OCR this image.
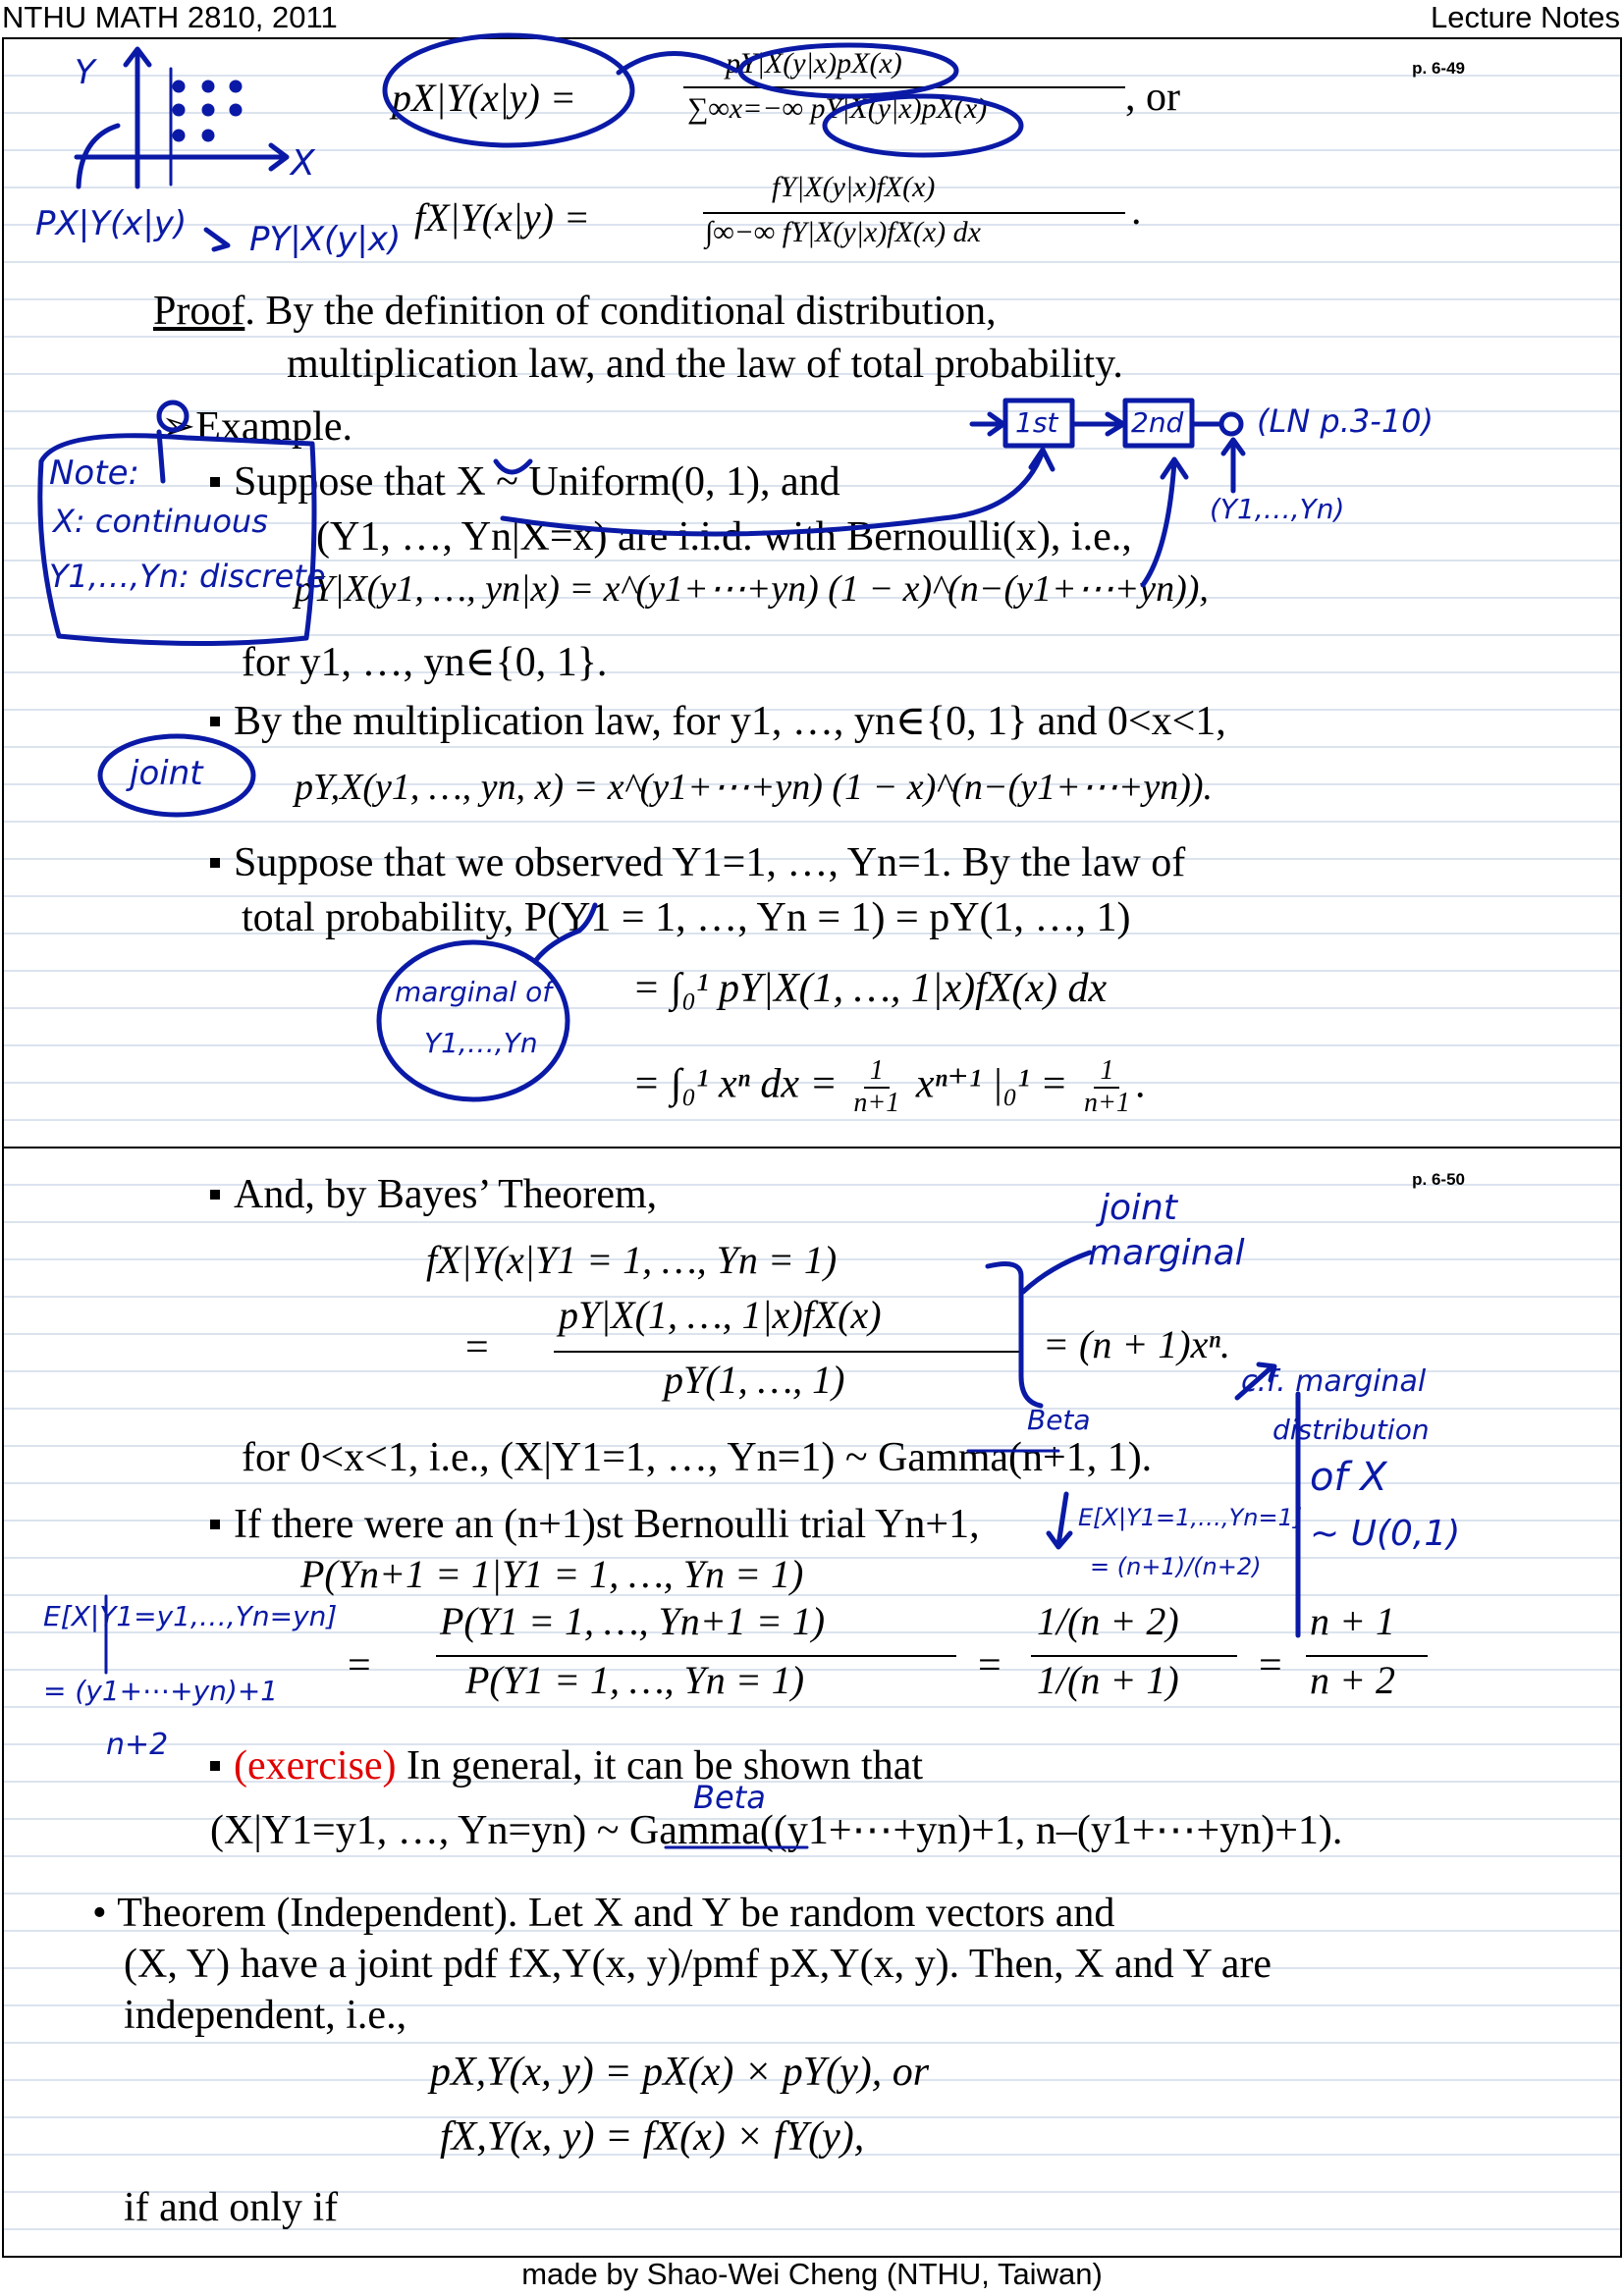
NTHU MATH 2810, 2011	Lecture Notes
p. 6-49
pX|Y(x|y) =
pY|X(y|x)pX(x)
∑∞x=−∞ pY|X(y|x)pX(x)	, or
fX|Y(x|y) =
fY|X(y|x)fX(x)
∫∞−∞ fY|X(y|x)fX(x) dx	.
Proof. By the definition of conditional distribution,
multiplication law, and the law of total probability.
➢Example.
Suppose that X ~ Uniform(0, 1), and
(Y1, …, Yn|X=x) are i.i.d. with Bernoulli(x), i.e.,
pY|X(y1, …, yn|x) = x^(y1+⋯+yn) (1 − x)^(n−(y1+⋯+yn)),
for y1, …, yn∈{0, 1}.
By the multiplication law, for y1, …, yn∈{0, 1} and 0<x<1,
pY,X(y1, …, yn, x) = x^(y1+⋯+yn) (1 − x)^(n−(y1+⋯+yn)).
Suppose that we observed Y1=1, …, Yn=1. By the law of
total probability, P(Y1 = 1, …, Yn = 1) = pY(1, …, 1)
= ∫₀¹ pY|X(1, …, 1|x)fX(x) dx
= ∫₀¹ xⁿ dx = $\frac{1}{n+1} x^{n+1}$ $|_0^1 = \frac{1}{n+1}$ .
p. 6-50
And, by Bayes’ Theorem,
fX|Y(x|Y1 = 1, …, Yn = 1)
=
pY|X(1, …, 1|x)fX(x)
pY(1, …, 1)
= (n + 1)xⁿ.
for 0<x<1, i.e., (X|Y1=1, …, Yn=1) ~ Gamma(n+1, 1).
If there were an (n+1)st Bernoulli trial Yn+1,
P(Yn+1 = 1|Y1 = 1, …, Yn = 1)
=
P(Y1 = 1, …, Yn+1 = 1)
P(Y1 = 1, …, Yn = 1)	=
1/(n + 2)
1/(n + 1) =
n + 1
n + 2
(exercise) In general, it can be shown that
(X|Y1=y1, …, Yn=yn) ~ Gamma((y1+⋯+yn)+1, n–(y1+⋯+yn)+1).
• Theorem (Independent). Let X and Y be random vectors and
(X, Y) have a joint pdf fX,Y(x, y)/pmf pX,Y(x, y). Then, X and Y are
independent, i.e.,
pX,Y(x, y) = pX(x) × pY(y), or
fX,Y(x, y) = fX(x) × fY(y),
if and only if
Y
X
PX|Y(x|y) PY|X(y|x)
Note:
X: continuous
Y1,…,Yn: discrete
1st	2nd (LN p.3-10)
(Y1,…,Yn)
joint
marginal of
Y1,…,Yn
joint
marginal
Beta
c.f. marginal
distribution
of X
~ U(0,1)
E[X|Y1=1,…,Yn=1]
= (n+1)/(n+2)
E[X|Y1=y1,…,Yn=yn]
= (y1+⋯+yn)+1
n+2
Beta
made by Shao-Wei Cheng (NTHU, Taiwan)
